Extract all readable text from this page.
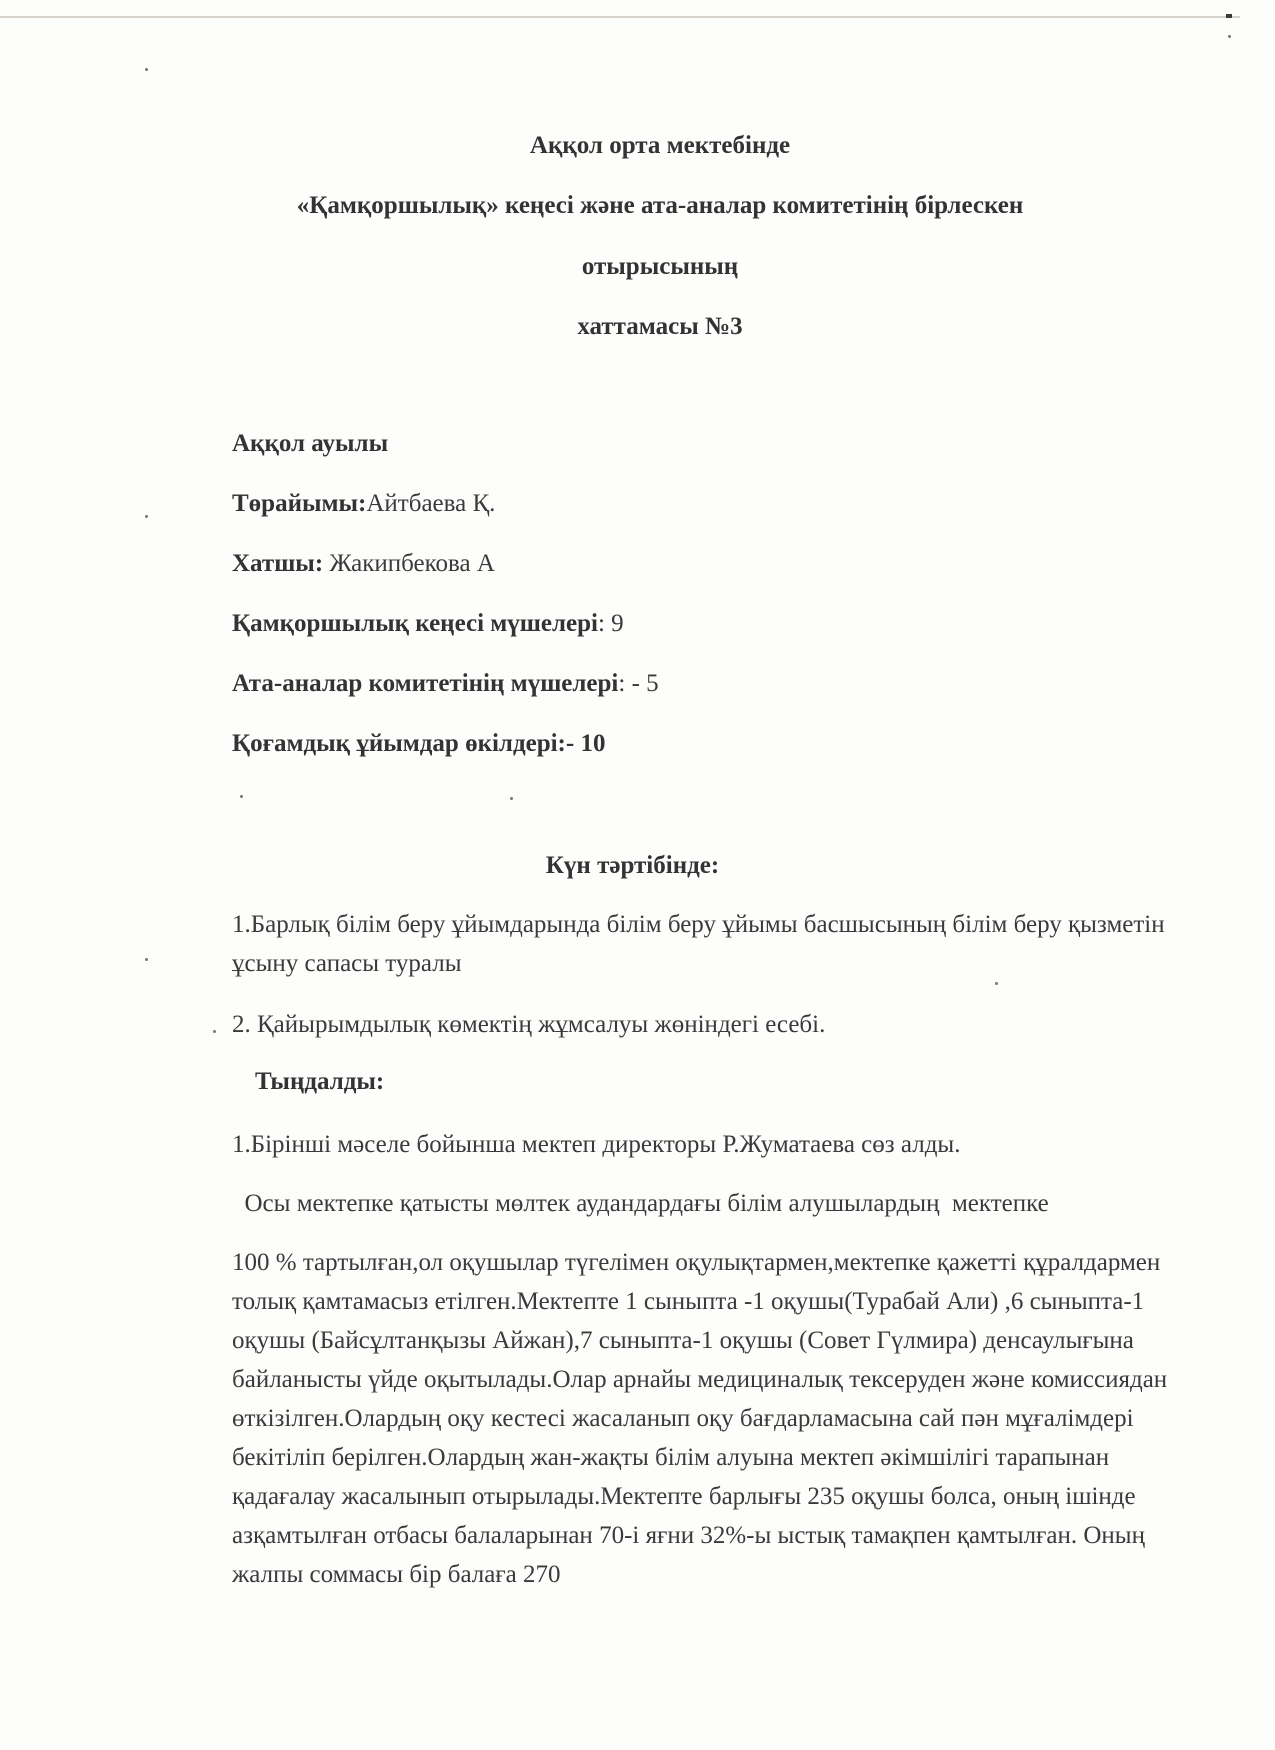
Аққол орта мектебінде
«Қамқоршылық» кеңесі және ата-аналар комитетінің бірлескен
отырысының
хаттамасы №3
Аққол ауылы
Төрайымы:Айтбаева Қ.
Хатшы: Жакипбекова А
Қамқоршылық кеңесі мүшелері: 9
Ата-аналар комитетінің мүшелері: - 5
Қоғамдық ұйымдар өкілдері:- 10
Күн тәртібінде:
1.Барлық білім беру ұйымдарында білім беру ұйымы басшысының білім беру қызметін ұсыну сапасы туралы
2. Қайырымдылық көмектің жұмсалуы жөніндегі есебі.
Тыңдалды:
1.Бірінші мәселе бойынша мектеп директоры Р.Жуматаева сөз алды.
Осы мектепке қатысты мөлтек аудандардағы білім алушылардың  мектепке
100 % тартылған,ол оқушылар түгелімен оқулықтармен,мектепке қажетті құралдармен толық қамтамасыз етілген.Мектепте 1 сыныпта -1 оқушы(Турабай Али) ,6 сыныпта-1 оқушы (Байсұлтанқызы Айжан),7 сыныпта-1 оқушы (Совет Гүлмира) денсаулығына байланысты үйде оқытылады.Олар арнайы медициналық тексеруден және комиссиядан өткізілген.Олардың оқу кестесі жасаланып оқу бағдарламасына сай пән мұғалімдері бекітіліп берілген.Олардың жан-жақты білім алуына мектеп әкімшілігі тарапынан қадағалау жасалынып отырылады.Мектепте барлығы 235 оқушы болса, оның ішінде азқамтылған отбасы балаларынан 70-і яғни 32%-ы ыстық тамақпен қамтылған. Оның жалпы соммасы бір балаға 270
